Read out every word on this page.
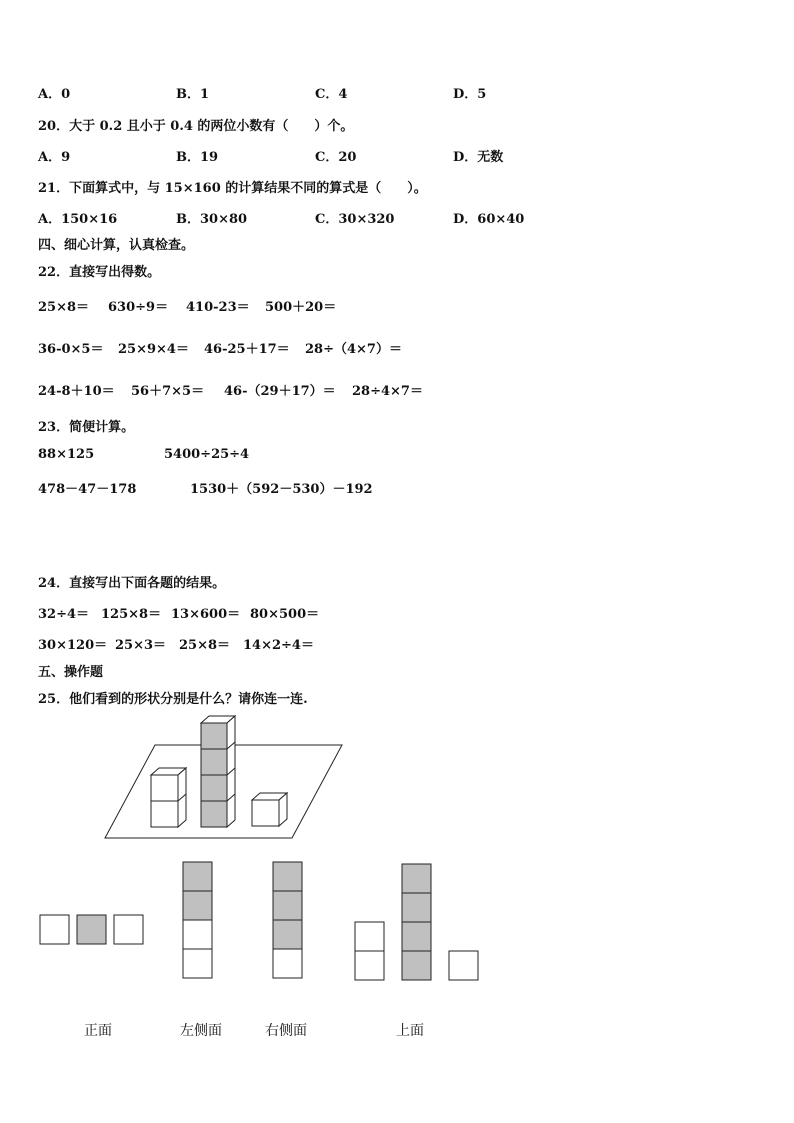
A．0	B．1	C．4	D．5
20．大于 0.2 且小于 0.4 的两位小数有（　　）个。
A．9	B．19	C．20	D．无数
21．下面算式中，与 15×160 的计算结果不同的算式是（　　）。
A．150×16	B．30×80	C．30×320	D．60×40
四、细心计算，认真检查。
22．直接写出得数。
25×8＝ 630÷9＝ 410-23＝ 500＋20＝
36-0×5＝ 25×9×4＝ 46-25＋17＝ 28÷（4×7）＝
24-8＋10＝ 56＋7×5＝ 46-（29＋17）＝ 28÷4×7＝
23．简便计算。
88×125	5400÷25÷4
478－47－178	1530＋（592－530）－192
24．直接写出下面各题的结果。
32÷4＝ 125×8＝ 13×600＝ 80×500＝
30×120＝ 25×3＝ 25×8＝ 14×2÷4＝
五、操作题
25．他们看到的形状分别是什么？请你连一连.
正面	左侧面	右侧面	上面
